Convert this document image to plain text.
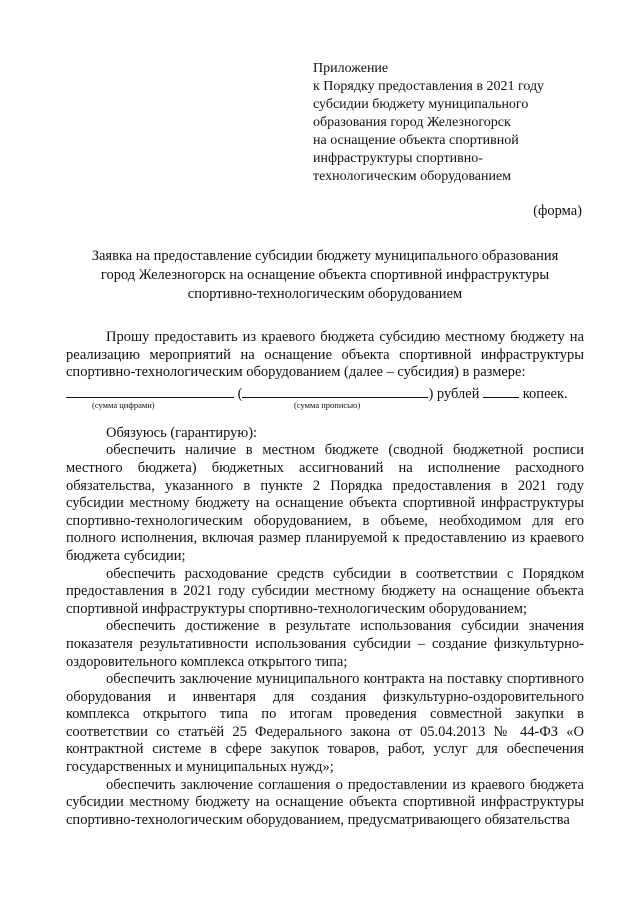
Приложение
к Порядку предоставления в 2021 году
субсидии бюджету муниципального
образования город Железногорск
на оснащение объекта спортивной
инфраструктуры спортивно-
технологическим оборудованием
(форма)
Заявка на предоставление субсидии бюджету муниципального образования
город Железногорск на оснащение объекта спортивной инфраструктуры
спортивно-технологическим оборудованием
Прошу предоставить из краевого бюджета субсидию местному бюджету на реализацию мероприятий на оснащение объекта спортивной инфраструктуры спортивно-технологическим оборудованием (далее – субсидия) в размере:
(	) рублей	копеек.
(сумма цифрами)	(сумма прописью)
Обязуюсь (гарантирую):
обеспечить наличие в местном бюджете (сводной бюджетной росписи местного бюджета) бюджетных ассигнований на исполнение расходного обязательства, указанного в пункте 2 Порядка предоставления в 2021 году субсидии местному бюджету на оснащение объекта спортивной инфраструктуры спортивно-технологическим оборудованием, в объеме, необходимом для его полного исполнения, включая размер планируемой к предоставлению из краевого бюджета субсидии;
обеспечить расходование средств субсидии в соответствии с Порядком предоставления в 2021 году субсидии местному бюджету на оснащение объекта спортивной инфраструктуры спортивно-технологическим оборудованием;
обеспечить достижение в результате использования субсидии значения показателя результативности использования субсидии – создание физкультурно-оздоровительного комплекса открытого типа;
обеспечить заключение муниципального контракта на поставку спортивного оборудования и инвентаря для создания физкультурно-оздоровительного комплекса открытого типа по итогам проведения совместной закупки в соответствии со статьёй 25 Федерального закона от 05.04.2013 № 44-ФЗ «О контрактной системе в сфере закупок товаров, работ, услуг для обеспечения государственных и муниципальных нужд»;
обеспечить заключение соглашения о предоставлении из краевого бюджета субсидии местному бюджету на оснащение объекта спортивной инфраструктуры спортивно-технологическим оборудованием, предусматривающего обязательства
